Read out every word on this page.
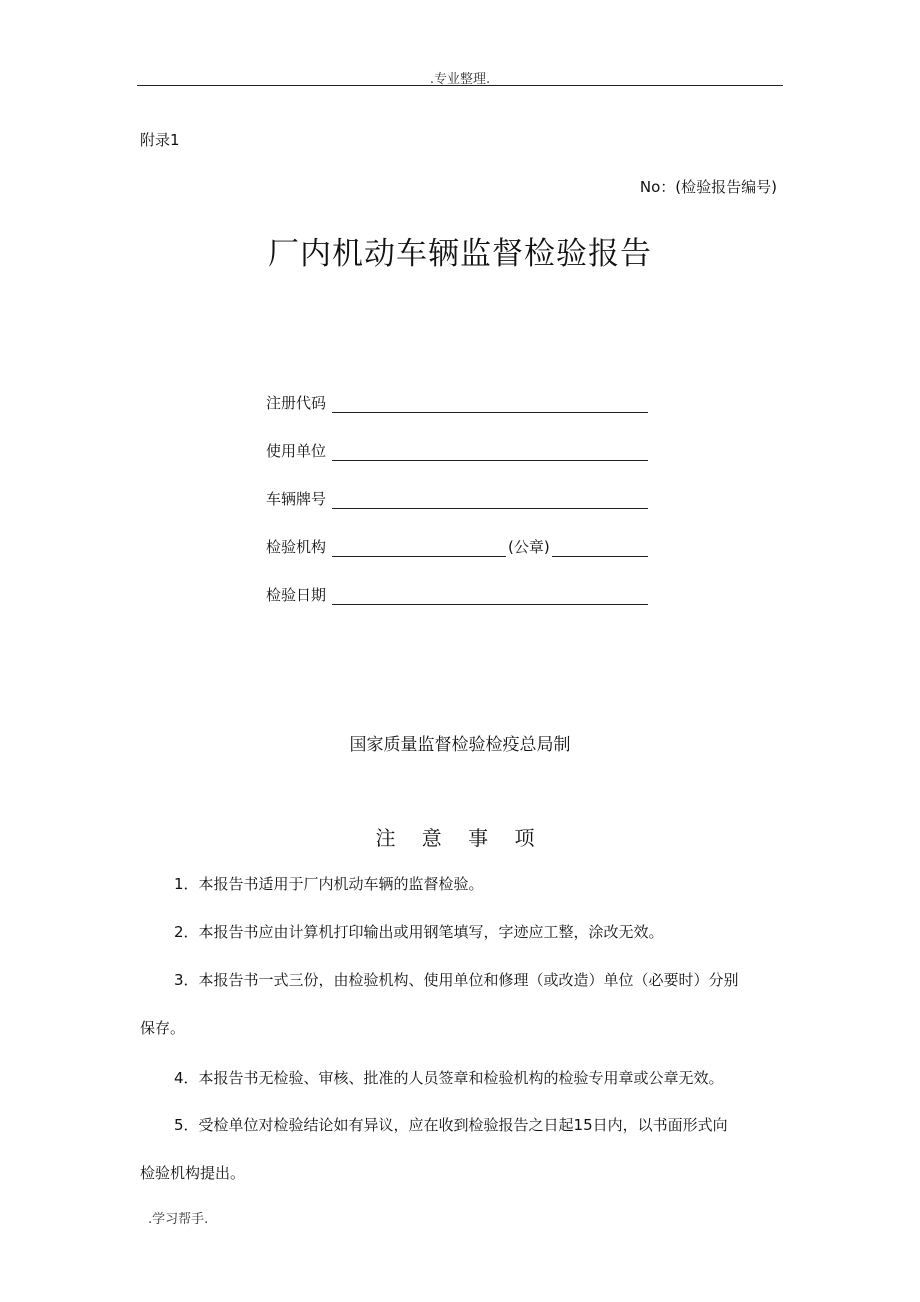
.专业整理.
附录1
No：(检验报告编号)
厂内机动车辆监督检验报告
注册代码
使用单位
车辆牌号
检验机构	(公章)
检验日期
国家质量监督检验检疫总局制
注 意 事 项
1．本报告书适用于厂内机动车辆的监督检验。
2．本报告书应由计算机打印输出或用钢笔填写，字迹应工整，涂改无效。
3．本报告书一式三份，由检验机构、使用单位和修理（或改造）单位（必要时）分别
保存。
4．本报告书无检验、审核、批准的人员签章和检验机构的检验专用章或公章无效。
5．受检单位对检验结论如有异议，应在收到检验报告之日起15日内，以书面形式向
检验机构提出。
.学习帮手.
